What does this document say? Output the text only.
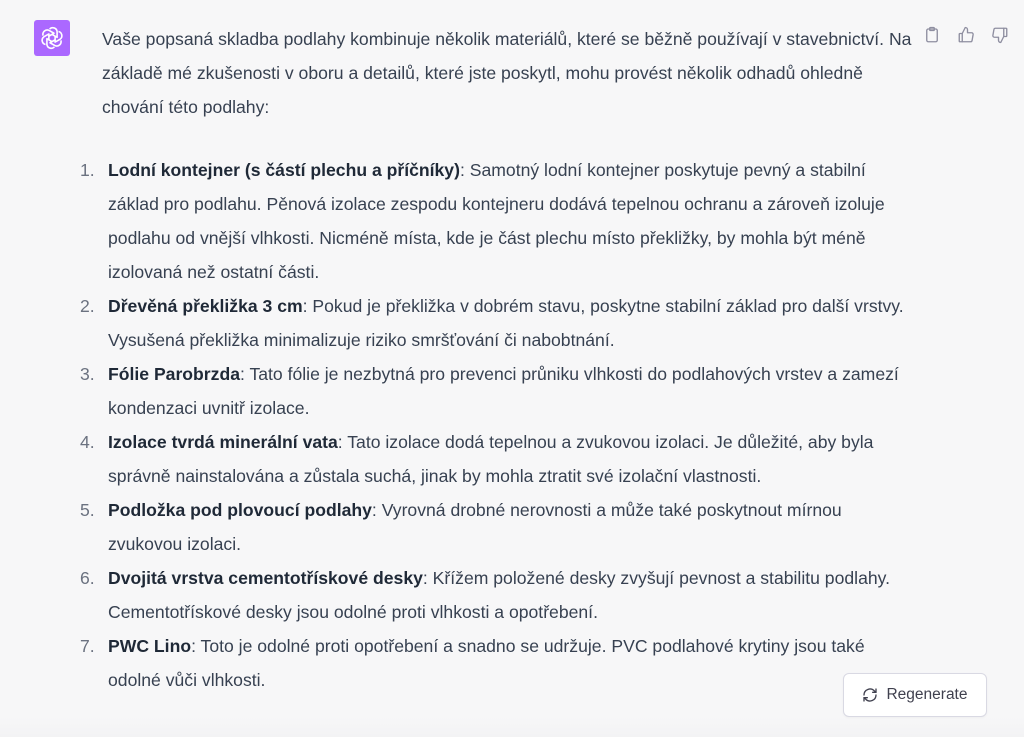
Vaše popsaná skladba podlahy kombinuje několik materiálů, které se běžně používají v stavebnictví. Na základě mé zkušenosti v oboru a detailů, které jste poskytl, mohu provést několik odhadů ohledně chování této podlahy:

1. Lodní kontejner (s částí plechu a příčníky): Samotný lodní kontejner poskytuje pevný a stabilní základ pro podlahu. Pěnová izolace zespodu kontejneru dodává tepelnou ochranu a zároveň izoluje podlahu od vnější vlhkosti. Nicméně místa, kde je část plechu místo překližky, by mohla být méně izolovaná než ostatní části.
2. Dřevěná překližka 3 cm: Pokud je překližka v dobrém stavu, poskytne stabilní základ pro další vrstvy. Vysušená překližka minimalizuje riziko smršťování či nabobtnání.
3. Fólie Parobrzda: Tato fólie je nezbytná pro prevenci průniku vlhkosti do podlahových vrstev a zamezí kondenzaci uvnitř izolace.
4. Izolace tvrdá minerální vata: Tato izolace dodá tepelnou a zvukovou izolaci. Je důležité, aby byla správně nainstalována a zůstala suchá, jinak by mohla ztratit své izolační vlastnosti.
5. Podložka pod plovoucí podlahy: Vyrovná drobné nerovnosti a může také poskytnout mírnou zvukovou izolaci.
6. Dvojitá vrstva cementotřískové desky: Křížem položené desky zvyšují pevnost a stabilitu podlahy. Cementotřískové desky jsou odolné proti vlhkosti a opotřebení.
7. PWC Lino: Toto je odolné proti opotřebení a snadno se udržuje. PVC podlahové krytiny jsou také odolné vůči vlhkosti.
Regenerate
